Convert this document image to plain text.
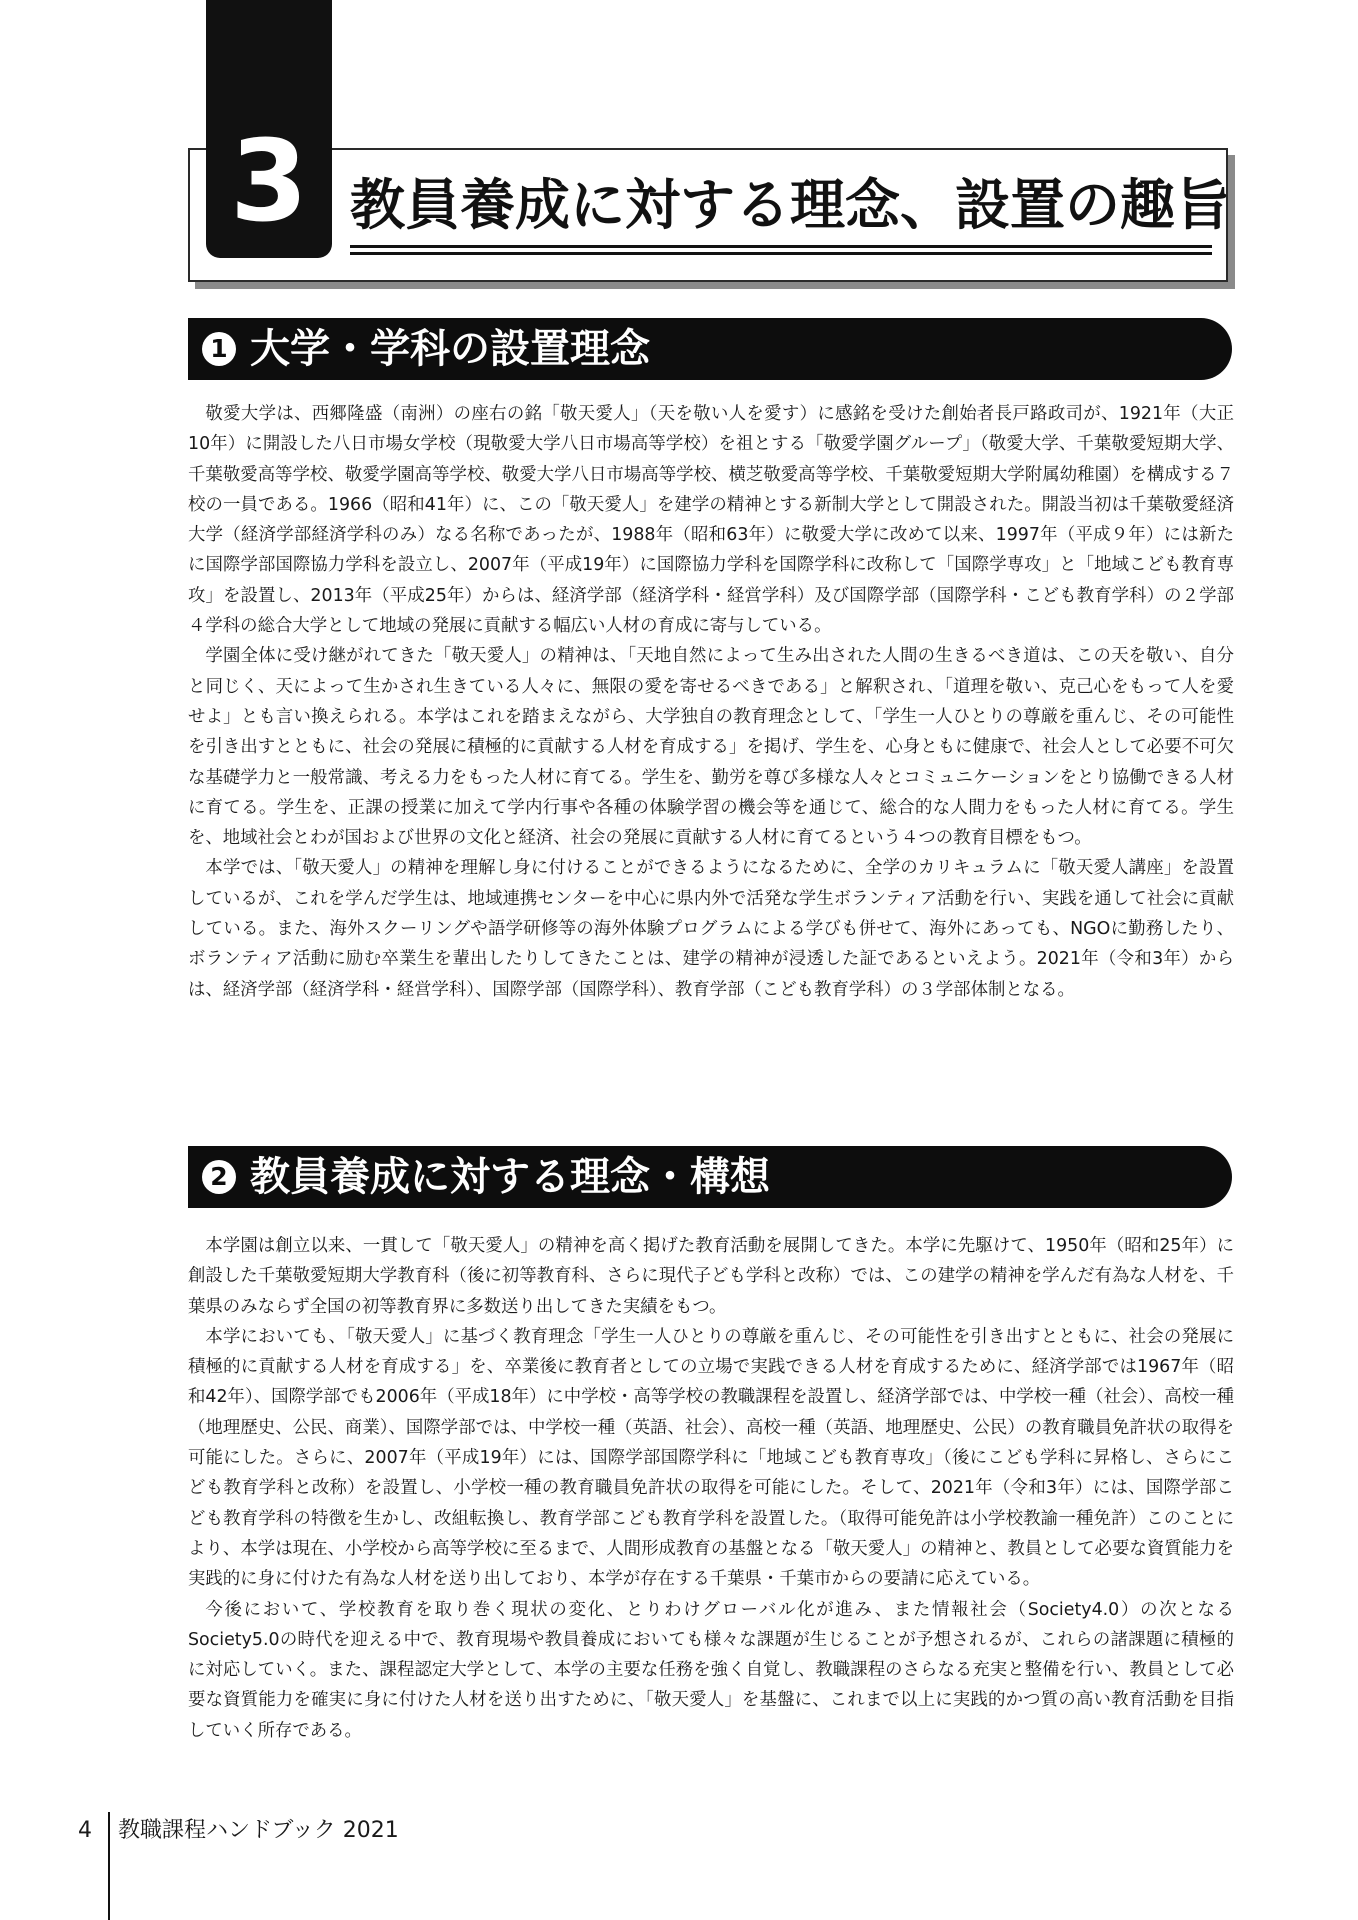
3 教員養成に対する理念、設置の趣旨
1 大学・学科の設置理念

敬愛大学は、西郷隆盛（南洲）の座右の銘「敬天愛人」（天を敬い人を愛す）に感銘を受けた創始者長戸路政司が、1921年（大正10年）に開設した八日市場女学校（現敬愛大学八日市場高等学校）を祖とする「敬愛学園グループ」（敬愛大学、千葉敬愛短期大学、千葉敬愛高等学校、敬愛学園高等学校、敬愛大学八日市場高等学校、横芝敬愛高等学校、千葉敬愛短期大学附属幼稚園）を構成する７校の一員である。1966（昭和41年）に、この「敬天愛人」を建学の精神とする新制大学として開設された。開設当初は千葉敬愛経済大学（経済学部経済学科のみ）なる名称であったが、1988年（昭和63年）に敬愛大学に改めて以来、1997年（平成９年）には新たに国際学部国際協力学科を設立し、2007年（平成19年）に国際協力学科を国際学科に改称して「国際学専攻」と「地域こども教育専攻」を設置し、2013年（平成25年）からは、経済学部（経済学科・経営学科）及び国際学部（国際学科・こども教育学科）の２学部４学科の総合大学として地域の発展に貢献する幅広い人材の育成に寄与している。

学園全体に受け継がれてきた「敬天愛人」の精神は、「天地自然によって生み出された人間の生きるべき道は、この天を敬い、自分と同じく、天によって生かされ生きている人々に、無限の愛を寄せるべきである」と解釈され、「道理を敬い、克己心をもって人を愛せよ」とも言い換えられる。本学はこれを踏まえながら、大学独自の教育理念として、「学生一人ひとりの尊厳を重んじ、その可能性を引き出すとともに、社会の発展に積極的に貢献する人材を育成する」を掲げ、学生を、心身ともに健康で、社会人として必要不可欠な基礎学力と一般常識、考える力をもった人材に育てる。学生を、勤労を尊び多様な人々とコミュニケーションをとり協働できる人材に育てる。学生を、正課の授業に加えて学内行事や各種の体験学習の機会等を通じて、総合的な人間力をもった人材に育てる。学生を、地域社会とわが国および世界の文化と経済、社会の発展に貢献する人材に育てるという４つの教育目標をもつ。

本学では、「敬天愛人」の精神を理解し身に付けることができるようになるために、全学のカリキュラムに「敬天愛人講座」を設置しているが、これを学んだ学生は、地域連携センターを中心に県内外で活発な学生ボランティア活動を行い、実践を通して社会に貢献している。また、海外スクーリングや語学研修等の海外体験プログラムによる学びも併せて、海外にあっても、NGOに勤務したり、ボランティア活動に励む卒業生を輩出したりしてきたことは、建学の精神が浸透した証であるといえよう。2021年（令和3年）からは、経済学部（経済学科・経営学科）、国際学部（国際学科）、教育学部（こども教育学科）の３学部体制となる。

2 教員養成に対する理念・構想

本学園は創立以来、一貫して「敬天愛人」の精神を高く掲げた教育活動を展開してきた。本学に先駆けて、1950年（昭和25年）に創設した千葉敬愛短期大学教育科（後に初等教育科、さらに現代子ども学科と改称）では、この建学の精神を学んだ有為な人材を、千葉県のみならず全国の初等教育界に多数送り出してきた実績をもつ。

本学においても、「敬天愛人」に基づく教育理念「学生一人ひとりの尊厳を重んじ、その可能性を引き出すとともに、社会の発展に積極的に貢献する人材を育成する」を、卒業後に教育者としての立場で実践できる人材を育成するために、経済学部では1967年（昭和42年）、国際学部でも2006年（平成18年）に中学校・高等学校の教職課程を設置し、経済学部では、中学校一種（社会）、高校一種（地理歴史、公民、商業）、国際学部では、中学校一種（英語、社会）、高校一種（英語、地理歴史、公民）の教育職員免許状の取得を可能にした。さらに、2007年（平成19年）には、国際学部国際学科に「地域こども教育専攻」（後にこども学科に昇格し、さらにこども教育学科と改称）を設置し、小学校一種の教育職員免許状の取得を可能にした。そして、2021年（令和3年）には、国際学部こども教育学科の特徴を生かし、改組転換し、教育学部こども教育学科を設置した。（取得可能免許は小学校教諭一種免許）このことにより、本学は現在、小学校から高等学校に至るまで、人間形成教育の基盤となる「敬天愛人」の精神と、教員として必要な資質能力を実践的に身に付けた有為な人材を送り出しており、本学が存在する千葉県・千葉市からの要請に応えている。

今後において、学校教育を取り巻く現状の変化、とりわけグローバル化が進み、また情報社会（Society4.0）の次となるSociety5.0の時代を迎える中で、教育現場や教員養成においても様々な課題が生じることが予想されるが、これらの諸課題に積極的に対応していく。また、課程認定大学として、本学の主要な任務を強く自覚し、教職課程のさらなる充実と整備を行い、教員として必要な資質能力を確実に身に付けた人材を送り出すために、「敬天愛人」を基盤に、これまで以上に実践的かつ質の高い教育活動を目指していく所存である。

4 教職課程ハンドブック 2021
